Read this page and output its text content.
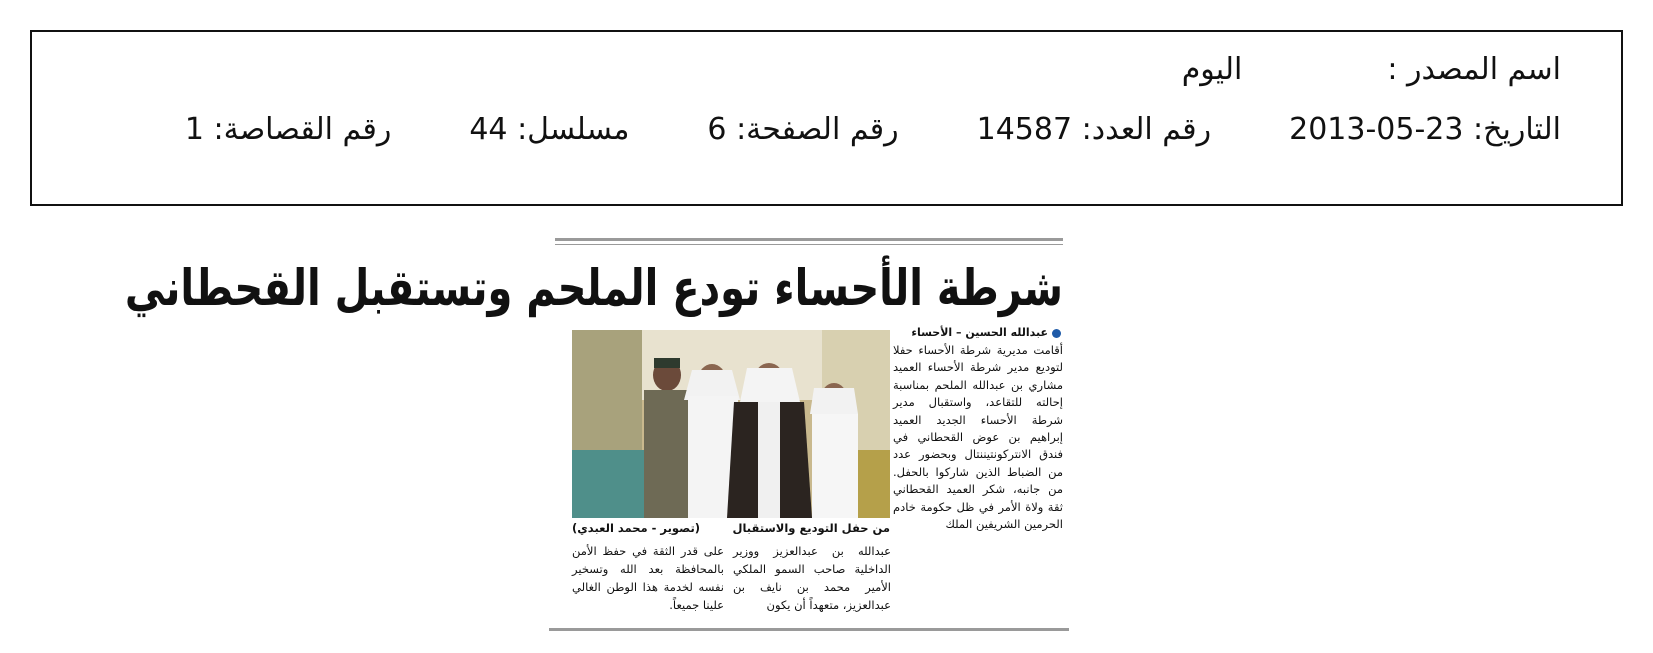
اسم المصدر :اليوم
التاريخ: 2013-05-23رقم العدد: 14587رقم الصفحة: 6مسلسل: 44رقم القصاصة: 1
شرطة الأحساء تودع الملحم وتستقبل القحطاني
عبدالله الحسين – الأحساء
أقامت مديرية شرطة الأحساء حفلا لتوديع مدير شرطة الأحساء العميد مشاري بن عبدالله الملحم بمناسبة إحالته للتقاعد، واستقبال مدير شرطة الأحساء الجديد العميد إبراهيم بن عوض القحطاني في فندق الانتركونتيننتال وبحضور عدد من الضباط الذين شاركوا بالحفل. من جانبه، شكر العميد القحطاني ثقة ولاة الأمر في ظل حكومة خادم الحرمين الشريفين الملك
من حفل التوديع والاستقبال
(تصوير - محمد العبدي)
عبدالله بن عبدالعزيز ووزير الداخلية صاحب السمو الملكي الأمير محمد بن نايف بن عبدالعزيز، متعهداً أن يكون
على قدر الثقة في حفظ الأمن بالمحافظة بعد الله وتسخير نفسه لخدمة هذا الوطن الغالي علينا جميعاً.
